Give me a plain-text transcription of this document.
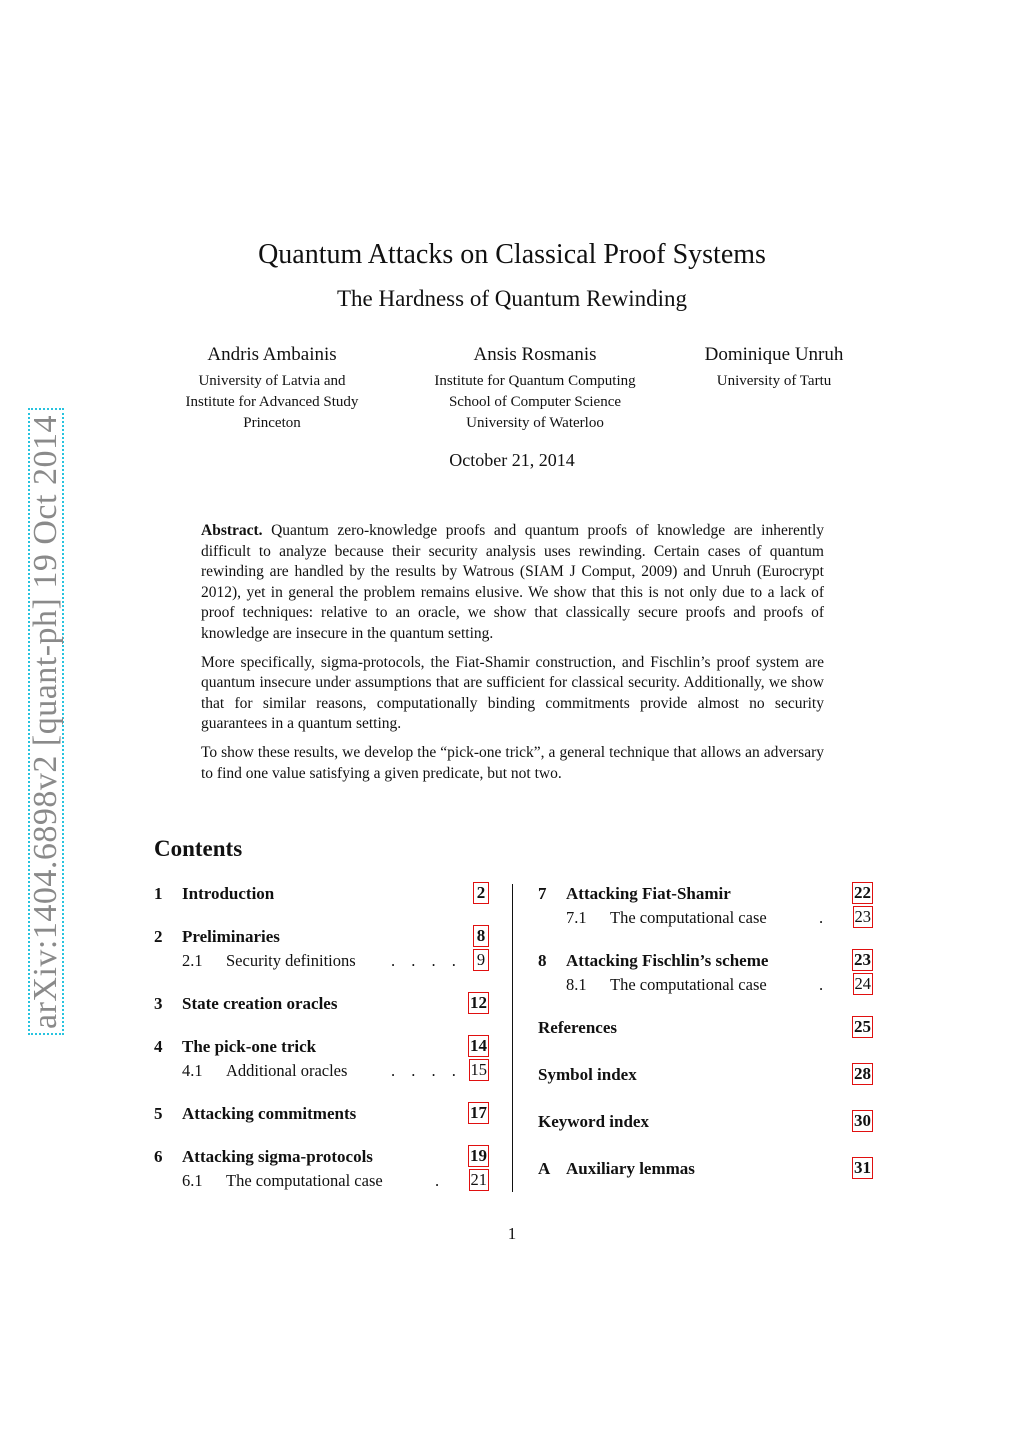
arXiv:1404.6898v2 [quant-ph] 19 Oct 2014
Quantum Attacks on Classical Proof Systems
The Hardness of Quantum Rewinding
Andris Ambainis
University of Latvia and
Institute for Advanced Study
Princeton
Ansis Rosmanis
Institute for Quantum Computing
School of Computer Science
University of Waterloo
Dominique Unruh
University of Tartu
October 21, 2014

Abstract. Quantum zero-knowledge proofs and quantum proofs of knowledge are inherently difficult to analyze because their security analysis uses rewinding. Certain cases of quantum rewinding are handled by the results by Watrous (SIAM J Comput, 2009) and Unruh (Eurocrypt 2012), yet in general the problem remains elusive. We show that this is not only due to a lack of proof techniques: relative to an oracle, we show that classically secure proofs and proofs of knowledge are insecure in the quantum setting.

More specifically, sigma-protocols, the Fiat-Shamir construction, and Fischlin’s proof system are quantum insecure under assumptions that are sufficient for classical security. Additionally, we show that for similar reasons, computationally binding commitments provide almost no security guarantees in a quantum setting.

To show these results, we develop the “pick-one trick”, a general technique that allows an adversary to find one value satisfying a given predicate, but not two.

Contents
1 Introduction	2
2 Preliminaries	8
2.1 Security definitions . . . . 9
3 State creation oracles	12
4 The pick-one trick	14
4.1 Additional oracles	. . . . 15
5 Attacking commitments	17
6 Attacking sigma-protocols	19
6.1 The computational case	. 21
7 Attacking Fiat-Shamir	22
7.1 The computational case	. 23
8 Attacking Fischlin’s scheme	23
8.1 The computational case	. 24
References	25
Symbol index	28
Keyword index	30
A Auxiliary lemmas	31
1
